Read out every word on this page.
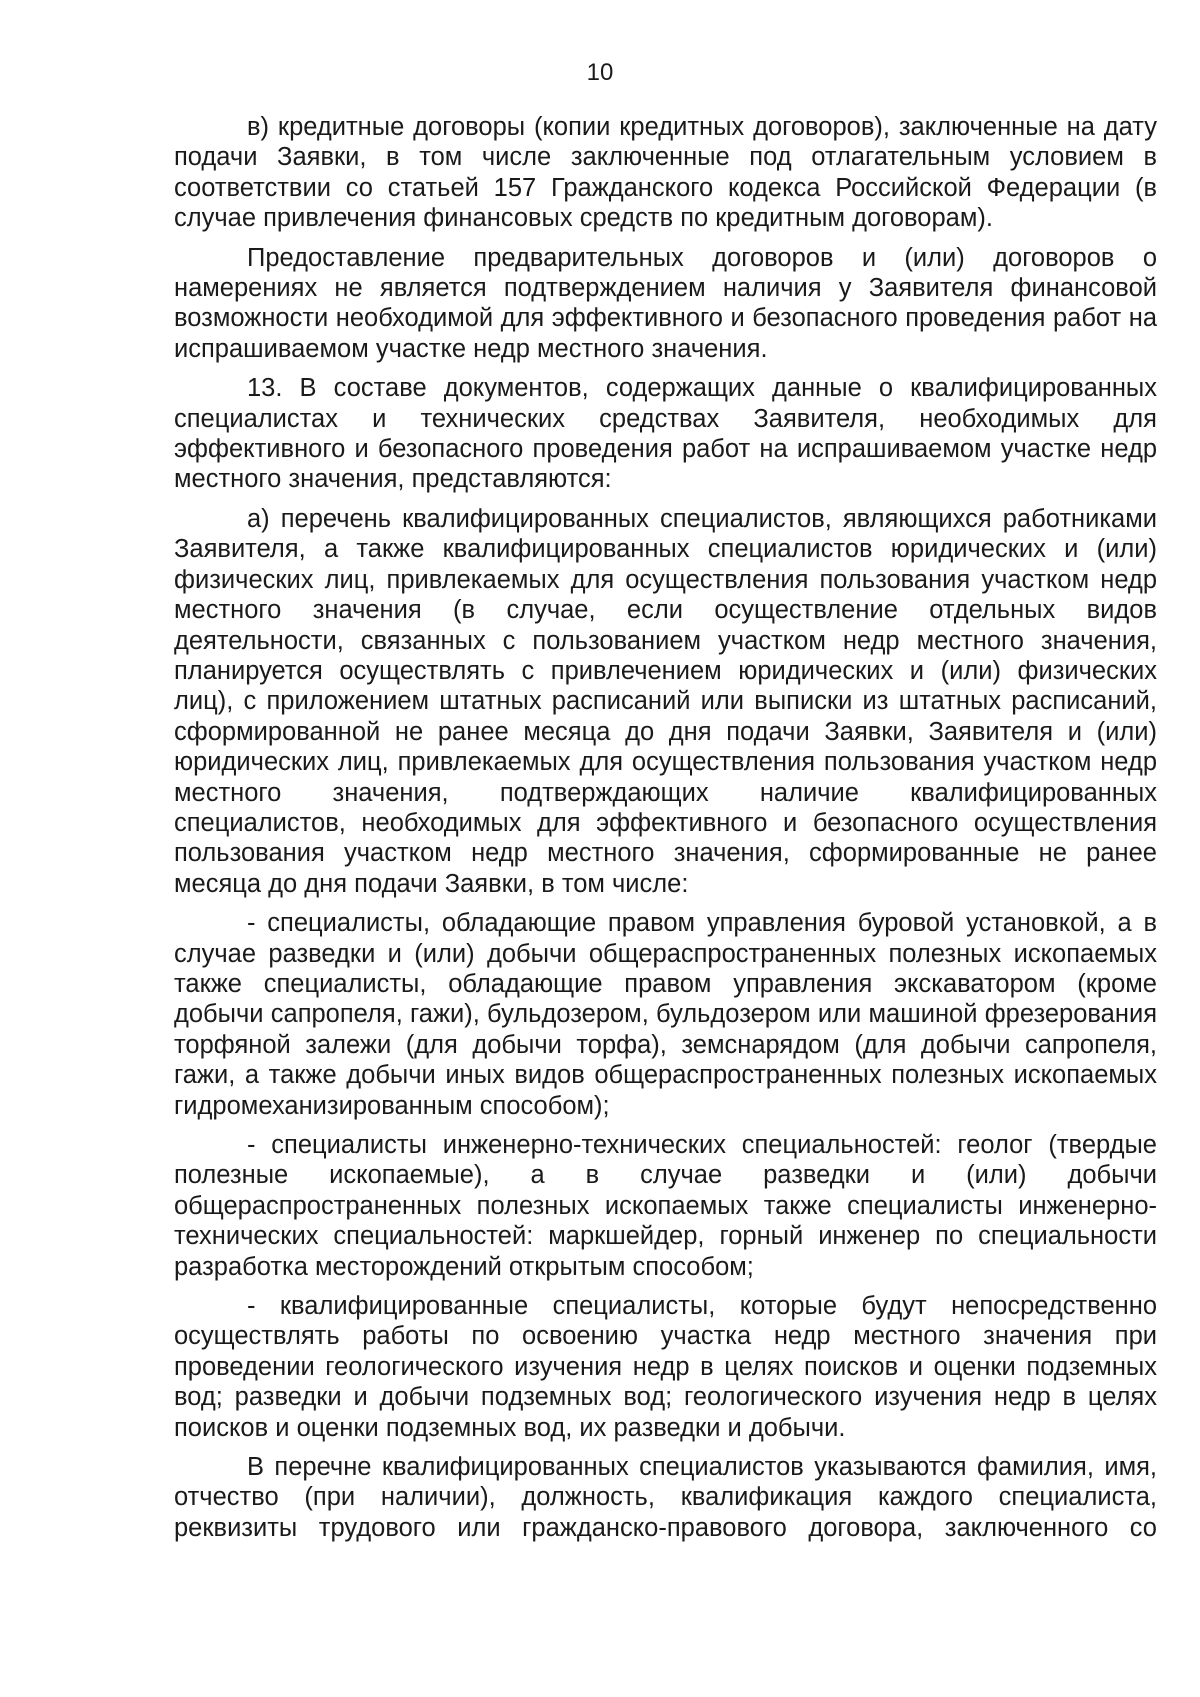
10

в) кредитные договоры (копии кредитных договоров), заключенные на дату подачи Заявки, в том числе заключенные под отлагательным условием в соответствии со статьей 157 Гражданского кодекса Российской Федерации (в случае привлечения финансовых средств по кредитным договорам).

Предоставление предварительных договоров и (или) договоров о намерениях не является подтверждением наличия у Заявителя финансовой возможности необходимой для эффективного и безопасного проведения работ на испрашиваемом участке недр местного значения.

13. В составе документов, содержащих данные о квалифицированных специалистах и технических средствах Заявителя, необходимых для эффективного и безопасного проведения работ на испрашиваемом участке недр местного значения, представляются:

а) перечень квалифицированных специалистов, являющихся работниками Заявителя, а также квалифицированных специалистов юридических и (или) физических лиц, привлекаемых для осуществления пользования участком недр местного значения (в случае, если осуществление отдельных видов деятельности, связанных с пользованием участком недр местного значения, планируется осуществлять с привлечением юридических и (или) физических лиц), с приложением штатных расписаний или выписки из штатных расписаний, сформированной не ранее месяца до дня подачи Заявки, Заявителя и (или) юридических лиц, привлекаемых для осуществления пользования участком недр местного значения, подтверждающих наличие квалифицированных специалистов, необходимых для эффективного и безопасного осуществления пользования участком недр местного значения, сформированные не ранее месяца до дня подачи Заявки, в том числе:

- специалисты, обладающие правом управления буровой установкой, а в случае разведки и (или) добычи общераспространенных полезных ископаемых также специалисты, обладающие правом управления экскаватором (кроме добычи сапропеля, гажи), бульдозером, бульдозером или машиной фрезерования торфяной залежи (для добычи торфа), земснарядом (для добычи сапропеля, гажи, а также добычи иных видов общераспространенных полезных ископаемых гидромеханизированным способом);

- специалисты инженерно-технических специальностей: геолог (твердые полезные ископаемые), а в случае разведки и (или) добычи общераспространенных полезных ископаемых также специалисты инженерно-технических специальностей: маркшейдер, горный инженер по специальности разработка месторождений открытым способом;

- квалифицированные специалисты, которые будут непосредственно осуществлять работы по освоению участка недр местного значения при проведении геологического изучения недр в целях поисков и оценки подземных вод; разведки и добычи подземных вод; геологического изучения недр в целях поисков и оценки подземных вод, их разведки и добычи.

В перечне квалифицированных специалистов указываются фамилия, имя, отчество (при наличии), должность, квалификация каждого специалиста, реквизиты трудового или гражданско-правового договора, заключенного со
